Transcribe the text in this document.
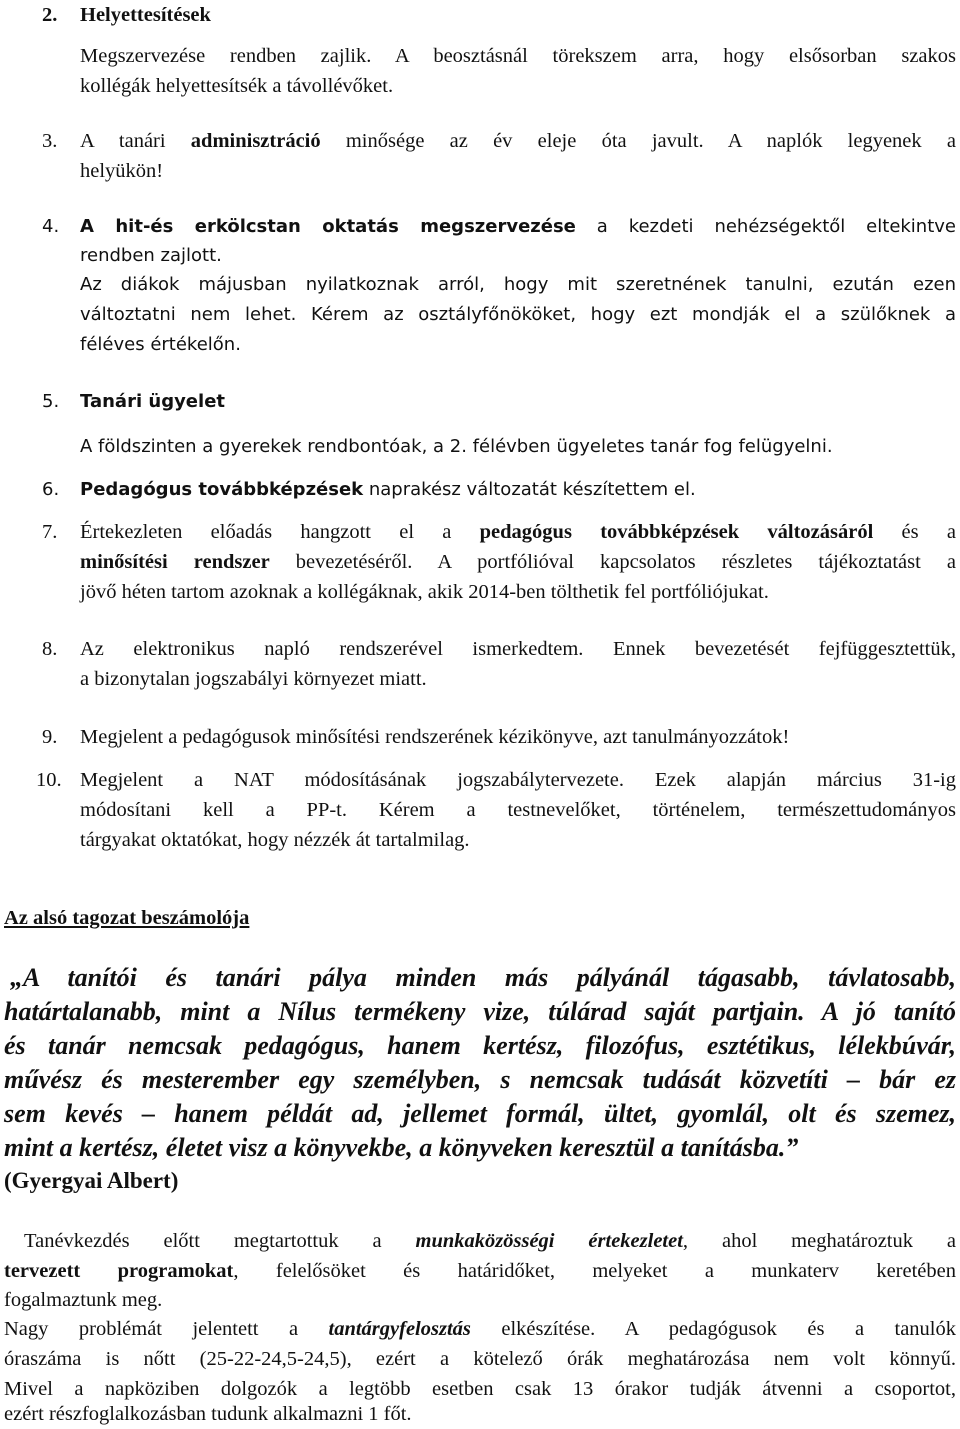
2. Helyettesítések
Megszervezése rendben zajlik. A beosztásnál törekszem arra, hogy elsősorban szakos
kollégák helyettesítsék a távollévőket.
3. A tanári adminisztráció minősége az év eleje óta javult. A naplók legyenek a
helyükön!
4. A hit-és erkölcstan oktatás megszervezése a kezdeti nehézségektől eltekintve
rendben zajlott.
Az diákok májusban nyilatkoznak arról, hogy mit szeretnének tanulni, ezután ezen
változtatni nem lehet. Kérem az osztályfőnököket, hogy ezt mondják el a szülőknek a
féléves értékelőn.
5. Tanári ügyelet
A földszinten a gyerekek rendbontóak, a 2. félévben ügyeletes tanár fog felügyelni.
6. Pedagógus továbbképzések naprakész változatát készítettem el.
7. Értekezleten előadás hangzott el a pedagógus továbbképzések változásáról és a
minősítési rendszer bevezetéséről. A portfólióval kapcsolatos részletes tájékoztatást a
jövő héten tartom azoknak a kollégáknak, akik 2014-ben tölthetik fel portfóliójukat.
8. Az elektronikus napló rendszerével ismerkedtem. Ennek bevezetését fejfüggesztettük,
a bizonytalan jogszabályi környezet miatt.
9. Megjelent a pedagógusok minősítési rendszerének kézikönyve, azt tanulmányozzátok!
10. Megjelent a NAT módosításának jogszabálytervezete. Ezek alapján március 31-ig
módosítani kell a PP-t. Kérem a testnevelőket, történelem, természettudományos
tárgyakat oktatókat, hogy nézzék át tartalmilag.
Az alsó tagozat beszámolója
„A tanítói és tanári pálya minden más pályánál tágasabb, távlatosabb,
határtalanabb, mint a Nílus termékeny vize, túlárad saját partjain. A jó tanító
és tanár nemcsak pedagógus, hanem kertész, filozófus, esztétikus, lélekbúvár,
művész és mesterember egy személyben, s nemcsak tudását közvetíti – bár ez
sem kevés – hanem példát ad, jellemet formál, ültet, gyomlál, olt és szemez,
mint a kertész, életet visz a könyvekbe, a könyveken keresztül a tanításba.”
(Gyergyai Albert)
Tanévkezdés előtt megtartottuk a munkaközösségi értekezletet, ahol meghatároztuk a
tervezett programokat, felelősöket és határidőket, melyeket a munkaterv keretében
fogalmaztunk meg.
Nagy problémát jelentett a tantárgyfelosztás elkészítése. A pedagógusok és a tanulók
óraszáma is nőtt (25-22-24,5-24,5), ezért a kötelező órák meghatározása nem volt könnyű.
Mivel a napköziben dolgozók a legtöbb esetben csak 13 órakor tudják átvenni a csoportot,
ezért részfoglalkozásban tudunk alkalmazni 1 főt.
